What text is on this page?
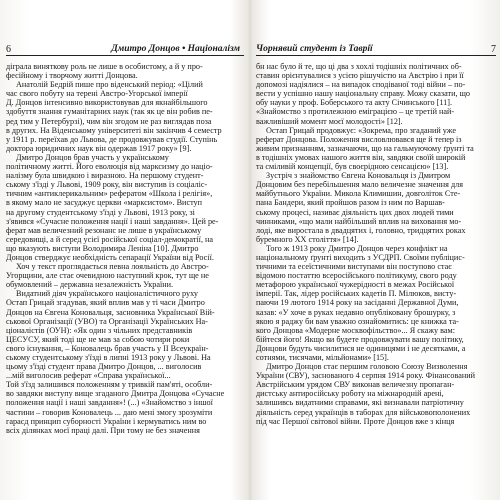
6	Дмитро Донцов • Націоналізм
дігрaла виняткову роль не лише в особистому, а й у про-
фесійному і творчому житті Донцова.
Анатолій Бедрій пише про віденський період: «Цілий
час свого побуту на терені Австро-Угорської імперії
Д. Донцов інтенсивно використовував для якнайбільшого
здобуття знання гуманітарних наук (так як це він робив пе-
ред тим у Петербурзі), чим він згодом не раз виглядав поза
в других. На Віденському університеті він закінчив 4 семестр
у 1911 р. переїхав до Львова, де продовжував студії. Ступінь
доктора юридичних наук він одержав 1917 року» [9].
Дмитро Донцов брав участь у українському
політичному житті. Його еволюція від марксизму до націо-
налізму була швидкою і виразною. На першому студент-
ському з'їзді у Львові, 1909 року, він виступив із соціаліс-
тичним «антиклерикальним» рефератом «Школа і релігія»,
в якому мало не засуджує церкви «марксистом». Виступ
на другому студентському з'їзді у Львові, 1913 року, зі
з'явився «Сучасне положення нації і наші завдання». Цей ре-
ферат мав величезний резонанс не лише в українському
середовищі, а й серед усієї російської соціал-демократії, на
що вказують виступи Володимира Леніна [10]. Дмитро
Донцов стверджує необхідність сепарації України від Росії.
Хоч у текст проглядається певна лояльність до Австро-
Угорщини, але стає очевидною наступний крок, тут ще не
обумовлений – державна незалежність України.
Видатний діяч українського націоналістичного руху
Остап Грицай згадував, який вплив мав у ті часи Дмитро
Донцов на Євгена Коновальця, засновника Української Вій-
ськової Організації (УВО) та Організації Українських На-
ціоналістів (ОУН): «Як один з чільних представників
ЦЕСУСУ, який тоді ще не мав за собою чотири роки
свого існування, – Коновалець брав участь у II Всеукраїн-
ському студентському з'їзді в липні 1913 року у Львові. На
цьому з'їзді студент права Дмитро Донцов, ... виголосив
...мій виголосив реферат «Справа української...
Той з'їзд залишився положенням у тривкій пам'яті, особли-
во завдяки виступу вище згаданого Дмитра Донцова «Сучасне
положення нації і наші завдання»! (...) «Знайомство з іншої
частини – говорив Коновалець ... даю мені змогу зрозуміти
гарасд принцип суборності України і кермуватись ним во
всіх ділянках моєї праці далі. При тому не без значення
Чорнявий студент із Таврії	7
бн нас було й те, що ці два з хохлі тодішніх політичних об-
ставин орієнтувалися з усією рішучістю на Австрію і при її
допомозі надіялися – на випадок сподіваної тоді війни – по-
вести у успішно нашу національну справу. Можу сказати, що
обу науки у проф. Боберського та акту Січинського [11].
«Знайомство з протилежною еміграцією – це третій най-
важливіший момент моєї молодості» [12].
Остап Грицай продовжує: «Зокрема, про згаданий уже
реферат Донцова. Положення висловлювався ще й тепер із
живим признанням, зазначаючи, що на гальмуючому ґрунті та
в тодішніх умовах нашого життя він, завдяки своїй широкій
та сміливій концепції, був своєрідною сенсацією» [13].
Зустріч з знайомство Євгена Коновальця із Дмитром
Донцовим без перебільшення мало величезне значення для
майбутнього України. Микола Климишин, довголіток Сте-
пана Бандери, який пройшов разом із ним по Варшав-
ському процесі, називає діяльність цих двох людей тими
чинниками, «що мали найбільший вплив на виховання мо-
лоді, яке виростала в двадцятих і, головно, тридцятих роках
буремного ХХ століття» [14].
Того ж 1913 року Дмитро Донцов через конфлікт на
національному ґрунті виходить з УСДРП. Своїми публіцис-
тичними та есеїстичними виступами він поступово стає
відомою постаттю всеросійського політикуму, свого роду
метафорою української чужерідності в межах Російської
імперії. Так, лідер російських кадетів П. Мілюков, висту-
паючи 19 лютого 1914 року на засіданні Державної Думи,
казав: «У хоче в руках недавно опубліковану брошурку, з
якою я раджу би вам уважно ознайомитись: це книжка та-
кого Донцова «Модерне москвофільство»... Я скажу вам:
бійтеся його! Якщо ви будете продовжувати вашу політику,
Донцови будуть чисилитися не одиницями і не десятками, а
сотнями, тисячами, мільйонами» [15].
Дмитро Донцов стає першим головою Союзу Визволення
України (СВУ), заснованого 4 серпня 1914 року. Фінансований
Австрійським урядом СВУ виконав величезну пропаган-
дистську антиросійську роботу на міжнародній арені,
залишивсь видатними справами, які визнавали патріотичну
діяльність серед українців в таборах для військовополонених
під час Першої світової війни. Проте Донцов вже з кінця
